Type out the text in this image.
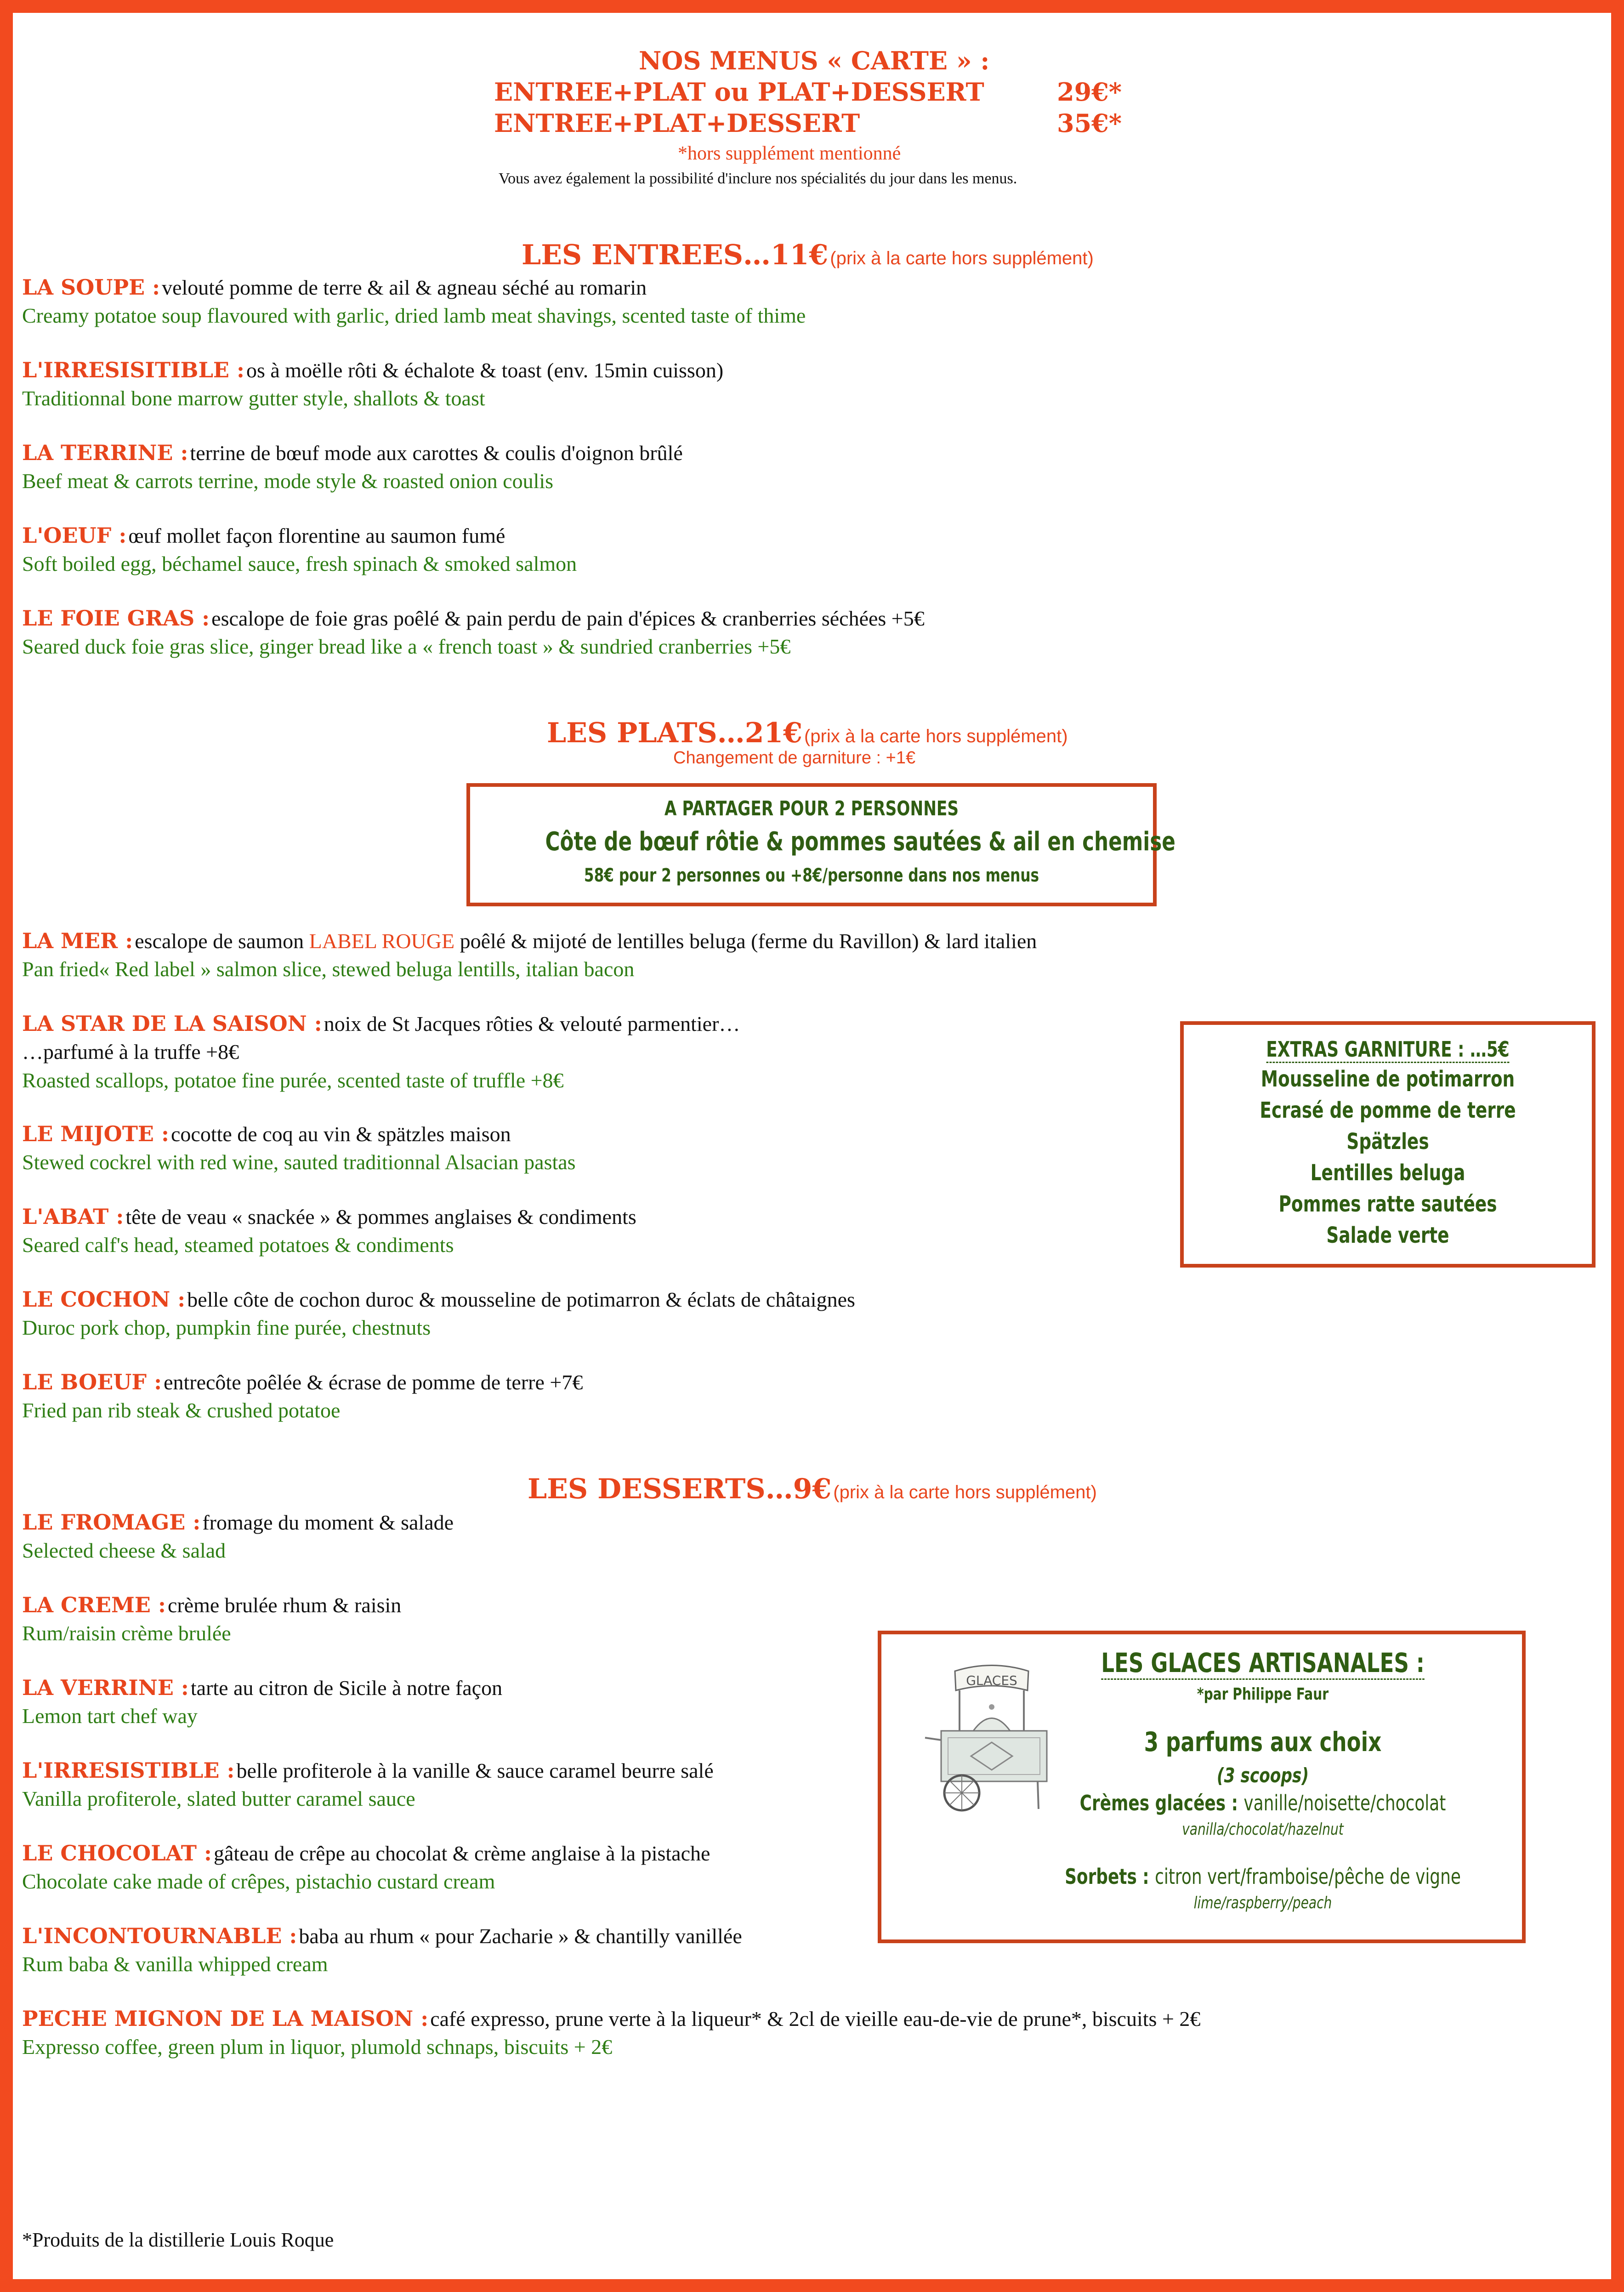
NOS MENUS « CARTE » :
ENTREE+PLAT ou PLAT+DESSERT	29€*
ENTREE+PLAT+DESSERT	35€*
*hors supplément mentionné
Vous avez également la possibilité d'inclure nos spécialités du jour dans les menus.
LES ENTREES…11€ (prix à la carte hors supplément)
LA SOUPE : velouté pomme de terre & ail & agneau séché au romarin
Creamy potatoe soup flavoured with garlic, dried lamb meat shavings, scented taste of thime
L'IRRESISITIBLE : os à moëlle rôti & échalote & toast (env. 15min cuisson)
Traditionnal bone marrow gutter style, shallots & toast
LA TERRINE : terrine de bœuf mode aux carottes & coulis d'oignon brûlé
Beef meat & carrots terrine, mode style & roasted onion coulis
L'OEUF : œuf mollet façon florentine au saumon fumé
Soft boiled egg, béchamel sauce, fresh spinach & smoked salmon
LE FOIE GRAS : escalope de foie gras poêlé & pain perdu de pain d'épices & cranberries séchées +5€
Seared duck foie gras slice, ginger bread like a « french toast » & sundried cranberries +5€
LES PLATS…21€ (prix à la carte hors supplément)
Changement de garniture : +1€
A PARTAGER POUR 2 PERSONNES
Côte de bœuf rôtie & pommes sautées & ail en chemise
58€ pour 2 personnes ou +8€/personne dans nos menus
LA MER : escalope de saumon LABEL ROUGE poêlé & mijoté de lentilles beluga (ferme du Ravillon) & lard italien
Pan fried« Red label » salmon slice, stewed beluga lentills, italian bacon
LA STAR DE LA SAISON : noix de St Jacques rôties & velouté parmentier…
…parfumé à la truffe +8€
Roasted scallops, potatoe fine purée, scented taste of truffle +8€
LE MIJOTE : cocotte de coq au vin & spätzles maison
Stewed cockrel with red wine, sauted traditionnal Alsacian pastas
L'ABAT : tête de veau « snackée » & pommes anglaises & condiments
Seared calf's head, steamed potatoes & condiments
LE COCHON : belle côte de cochon duroc & mousseline de potimarron & éclats de châtaignes
Duroc pork chop, pumpkin fine purée, chestnuts
LE BOEUF : entrecôte poêlée & écrase de pomme de terre +7€
Fried pan rib steak & crushed potatoe
EXTRAS GARNITURE : …5€
Mousseline de potimarron
Ecrasé de pomme de terre
Spätzles
Lentilles beluga
Pommes ratte sautées
Salade verte
LES DESSERTS…9€ (prix à la carte hors supplément)
LE FROMAGE : fromage du moment & salade
Selected cheese & salad
LA CREME : crème brulée rhum & raisin
Rum/raisin crème brulée
LA VERRINE : tarte au citron de Sicile à notre façon
Lemon tart chef way
L'IRRESISTIBLE : belle profiterole à la vanille & sauce caramel beurre salé
Vanilla profiterole, slated butter caramel sauce
LE CHOCOLAT : gâteau de crêpe au chocolat & crème anglaise à la pistache
Chocolate cake made of crêpes, pistachio custard cream
L'INCONTOURNABLE : baba au rhum « pour Zacharie » & chantilly vanillée
Rum baba & vanilla whipped cream
PECHE MIGNON DE LA MAISON : café expresso, prune verte à la liqueur* & 2cl de vieille eau-de-vie de prune*, biscuits + 2€
Expresso coffee, green plum in liquor, plumold schnaps, biscuits + 2€
GLACES
LES GLACES ARTISANALES :
*par Philippe Faur
3 parfums aux choix
(3 scoops)
Crèmes glacées : vanille/noisette/chocolat
vanilla/chocolat/hazelnut
Sorbets : citron vert/framboise/pêche de vigne
lime/raspberry/peach
*Produits de la distillerie Louis Roque
